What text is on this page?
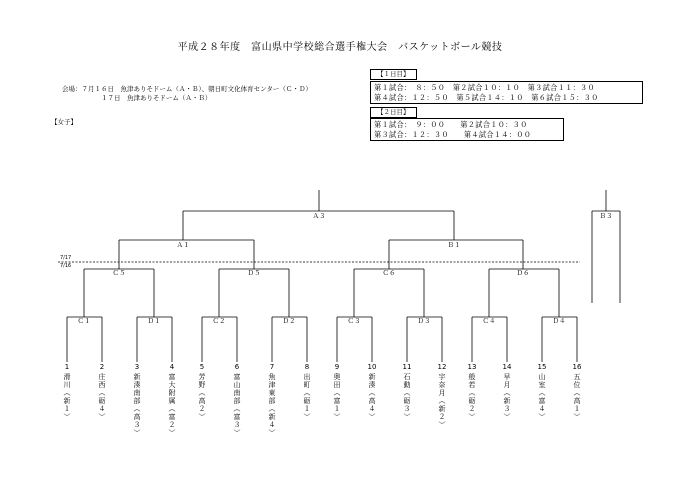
平成２８年度　富山県中学校総合選手権大会　バスケットボール競技
会場：７月１６日　魚津ありそドーム（Ａ・Ｂ）、朝日町文化体育センター（Ｃ・Ｄ）
１７日　魚津ありそドーム（Ａ・Ｂ）
【女子】
【１日目】
第１試合：　８：５０　第２試合１０：１０　第３試合１１：３０
第４試合：１２：５０　第５試合１４：１０　第６試合１５：３０
【２日目】
第１試合：　９：００　　第２試合１０：３０
第３試合：１２：３０　　第４試合１４：００
7/17
7/16
Ａ３	Ｂ３
Ａ１	Ｂ１
Ｃ５	Ｄ５	Ｃ６	Ｄ６
Ｃ１	Ｄ１	Ｃ２	Ｄ２	Ｃ３	Ｄ３	Ｃ４	Ｄ４
1
滑川（新１）
2
庄西（砺４）
3
新湊南部（高３）
4
富大附属（富２）
5
芳野（高２）
6
富山南部（富３）
7
魚津東部（新４）
8
出町（砺１）
9
奥田（富１）
10
新湊（高４）
11
石動（砺３）
12
宇奈月（新２）
13
般若（砺２）
14
早月（新３）
15
山室（富４）
16
五位（高１）
